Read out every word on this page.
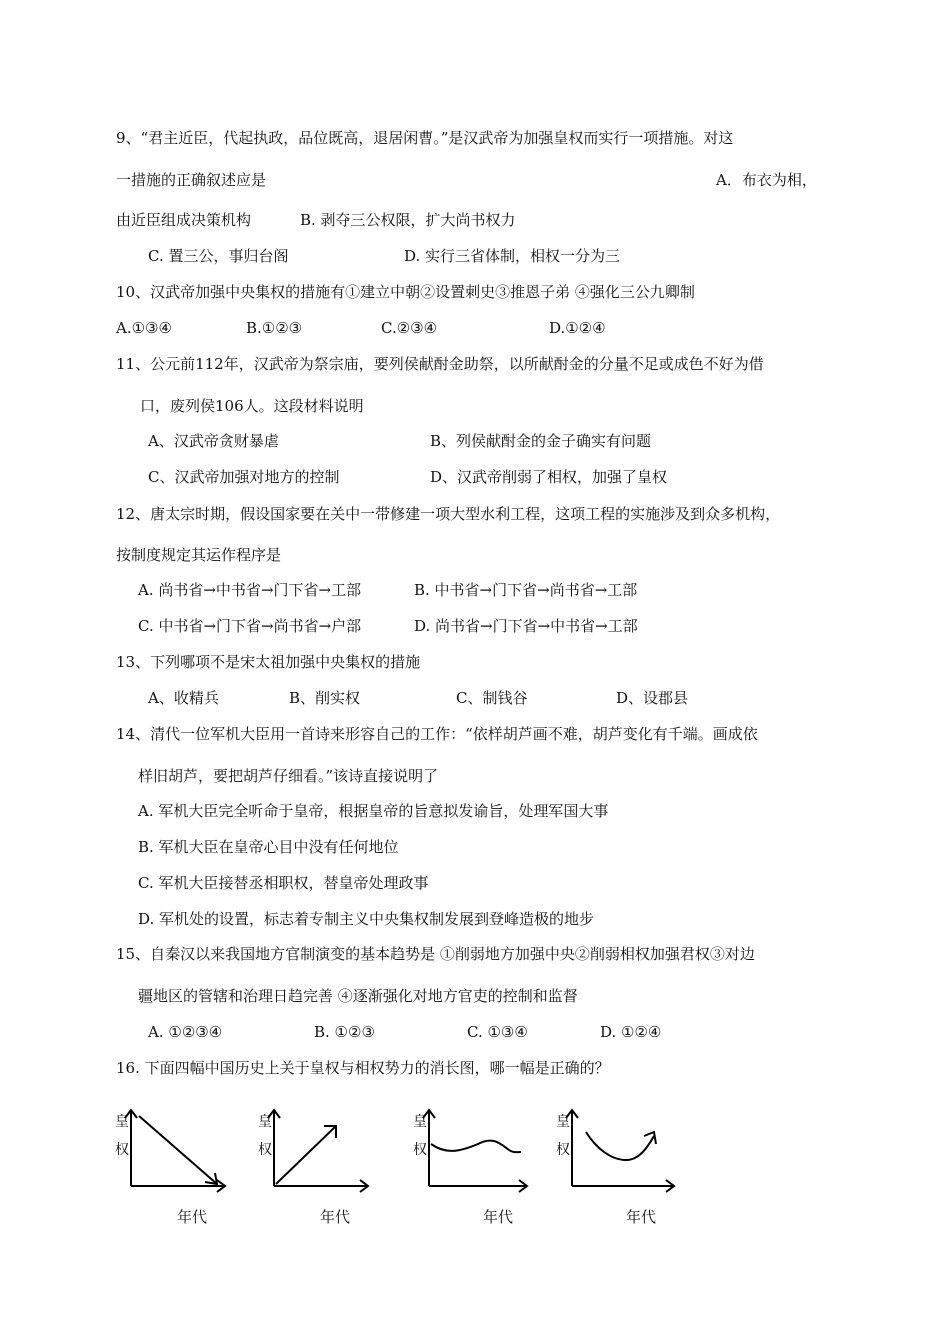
9、“君主近臣，代起执政，品位既高，退居闲曹。”是汉武帝为加强皇权而实行一项措施。对这
一措施的正确叙述应是	A．布衣为相，
由近臣组成决策机构	B. 剥夺三公权限，扩大尚书权力
C. 置三公，事归台阁	D. 实行三省体制，相权一分为三
10、汉武帝加强中央集权的措施有①建立中朝②设置刺史③推恩子弟 ④强化三公九卿制
A.①③④	B.①②③	C.②③④	D.①②④
11、公元前112年，汉武帝为祭宗庙，要列侯献酎金助祭，以所献酎金的分量不足或成色不好为借
口，废列侯106人。这段材料说明
A、汉武帝贪财暴虐	B、列侯献酎金的金子确实有问题
C、汉武帝加强对地方的控制	D、汉武帝削弱了相权，加强了皇权
12、唐太宗时期，假设国家要在关中一带修建一项大型水利工程，这项工程的实施涉及到众多机构，
按制度规定其运作程序是
A. 尚书省→中书省→门下省→工部	B. 中书省→门下省→尚书省→工部
C. 中书省→门下省→尚书省→户部	D. 尚书省→门下省→中书省→工部
13、下列哪项不是宋太祖加强中央集权的措施
A、收精兵	B、削实权	C、制钱谷	D、设郡县
14、清代一位军机大臣用一首诗来形容自己的工作：“依样胡芦画不难，胡芦变化有千端。画成依
样旧胡芦，要把胡芦仔细看。”该诗直接说明了
A. 军机大臣完全听命于皇帝，根据皇帝的旨意拟发谕旨，处理军国大事
B. 军机大臣在皇帝心目中没有任何地位
C. 军机大臣接替丞相职权，替皇帝处理政事
D. 军机处的设置，标志着专制主义中央集权制发展到登峰造极的地步
15、自秦汉以来我国地方官制演变的基本趋势是 ①削弱地方加强中央②削弱相权加强君权③对边
疆地区的管辖和治理日趋完善 ④逐渐强化对地方官吏的控制和监督
A. ①②③④	B. ①②③	C. ①③④	D. ①②④
16. 下面四幅中国历史上关于皇权与相权势力的消长图，哪一幅是正确的？
皇
权
年代
皇
权
年代
皇
权
年代
皇
权
年代
